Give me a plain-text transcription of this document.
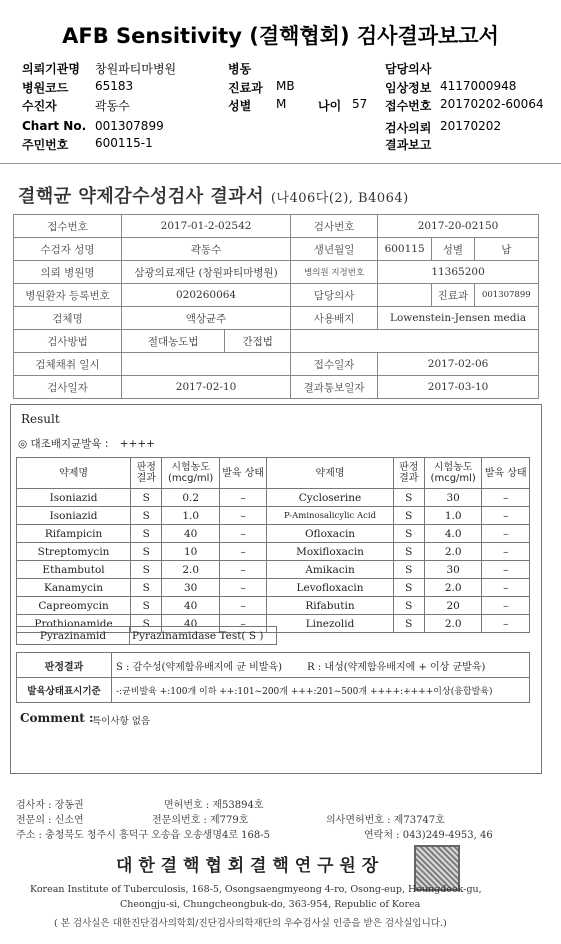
AFB Sensitivity (결핵협회) 검사결과보고서
의뢰기관명 창원파티마병원	병동	담당의사
병원코드 65183	진료과 MB	임상정보 4117000948
수진자	곽동수	성별 M	나이 57 접수번호 20170202-60064
Chart No. 001307899	검사의뢰 20170202
주민번호 600115-1	결과보고
결핵균 약제감수성검사 결과서 (나406다(2), B4064)
접수번호	2017-01-2-02542		검사번호	2017-20-02150		
수검자 성명	곽동수		생년월일	600115	성별	남
의뢰 병원명	삼광의료재단 (창원파티마병원)		병의원 지정번호	11365200		
병원환자 등록번호	020260064		담당의사		진료과	001307899
검체명	액상균주		사용배지	Lowenstein-Jensen media		
검사방법	절대농도법	간접법				
검체채취 일시			접수일자	2017-02-06		
검사일자	2017-02-10		결과통보일자	2017-03-10		
Result
◎ 대조배지균발육 : ++++
약제명	판정 결과	시험농도 (mcg/ml)	발육 상태	약제명	판정 결과	시험농도 (mcg/ml)	발육 상태
Isoniazid	S	0.2	–	Cycloserine	S	30	–
Isoniazid	S	1.0	–	P-Aminosalicylic Acid	S	1.0	–
Rifampicin	S	40	–	Ofloxacin	S	4.0	–
Streptomycin	S	10	–	Moxifloxacin	S	2.0	–
Ethambutol	S	2.0	–	Amikacin	S	30	–
Kanamycin	S	30	–	Levofloxacin	S	2.0	–
Capreomycin	S	40	–	Rifabutin	S	20	–
Prothionamide	S	40	–	Linezolid	S	2.0	–
Pyrazinamid	Pyrazinamidase Test( S )
판정결과	S : 감수성(약제함유배지에 균 비발육) R : 내성(약제함유배지에 + 이상 균발육)
발육상태표시기준	-:균비발육 +:100개 이하 ++:101~200개 +++:201~500개 ++++:++++이상(융합발육)
Comment :
특이사항 없음
검사자 : 장동권	면허번호 : 제53894호
전문의 : 신소연	전문의번호 : 제779호	의사면허번호 : 제73747호
주소 : 충청북도 청주시 흥덕구 오송읍 오송생명4로 168-5	연락처 : 043)249-4953, 46
대 한 결 핵 협 회 결 핵 연 구 원 장
Korean Institute of Tuberculosis, 168-5, Osongsaengmyeong 4-ro, Osong-eup, Heungdeok-gu,
Cheongju-si, Chungcheongbuk-do, 363-954, Republic of Korea
( 본 검사실은 대한진단검사의학회/진단검사의학재단의 우수검사실 인증을 받은 검사실입니다.)
